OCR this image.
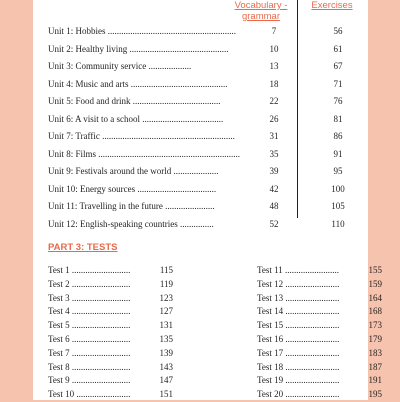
Vocabulary - grammar
Exercises
Unit 1: Hobbies .........................................................	7	56
Unit 2: Healthy living ............................................	10	61
Unit 3: Community service ...................	13	67
Unit 4: Music and arts ...........................................	18	71
Unit 5: Food and drink .......................................	22	76
Unit 6: A visit to a school ....................................	26	81
Unit 7: Traffic ...........................................................	31	86
Unit 8: Films ...............................................................	35	91
Unit 9: Festivals around the world ....................	39	95
Unit 10: Energy sources ...................................	42	100
Unit 11: Travelling in the future ......................	48	105
Unit 12: English-speaking countries ...............	52	110
PART 3: TESTS
Test 1 ..........................	115
Test 2 ..........................	119
Test 3 ..........................	123
Test 4 ..........................	127
Test 5 ..........................	131
Test 6 ..........................	135
Test 7 ..........................	139
Test 8 ..........................	143
Test 9 ..........................	147
Test 10 ........................	151
Test 11 ........................	155
Test 12 ........................	159
Test 13 ........................	164
Test 14 ........................	168
Test 15 ........................	173
Test 16 ........................	179
Test 17 ........................	183
Test 18 ........................	187
Test 19 ........................	191
Test 20 ........................	195
